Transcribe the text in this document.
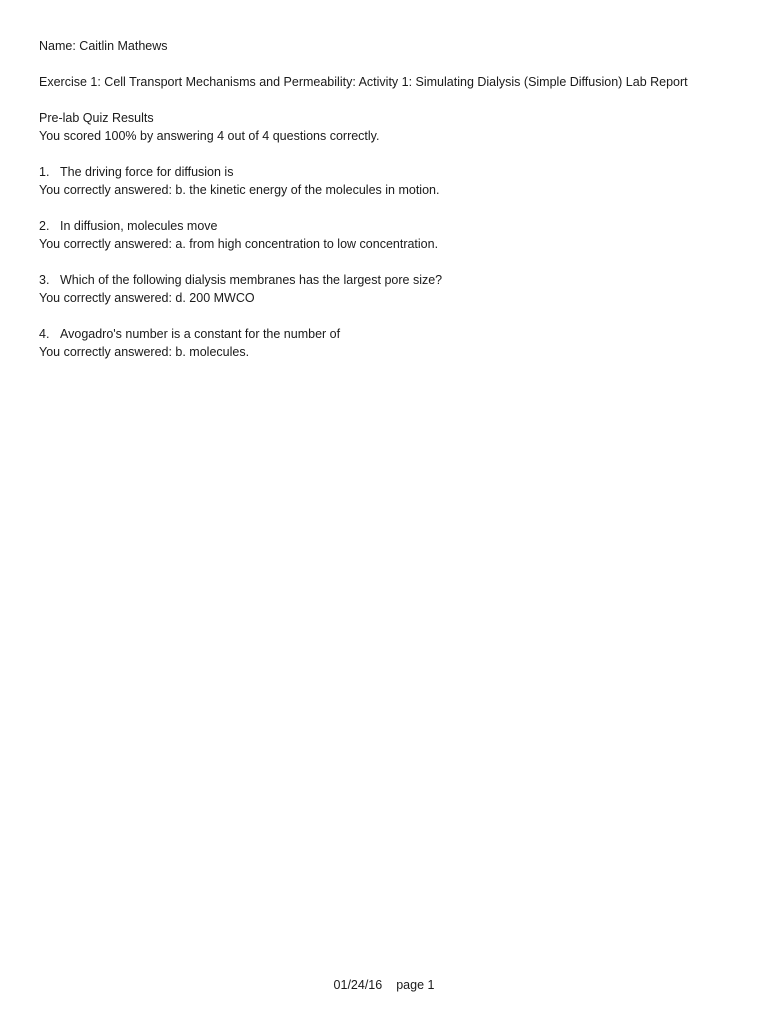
Name: Caitlin Mathews
Exercise 1: Cell Transport Mechanisms and Permeability: Activity 1: Simulating Dialysis (Simple Diffusion) Lab Report
Pre-lab Quiz Results
You scored 100% by answering 4 out of 4 questions correctly.
1. The driving force for diffusion is
You correctly answered: b. the kinetic energy of the molecules in motion.
2. In diffusion, molecules move
You correctly answered: a. from high concentration to low concentration.
3. Which of the following dialysis membranes has the largest pore size?
You correctly answered: d. 200 MWCO
4. Avogadro's number is a constant for the number of
You correctly answered: b. molecules.
01/24/16 page 1
